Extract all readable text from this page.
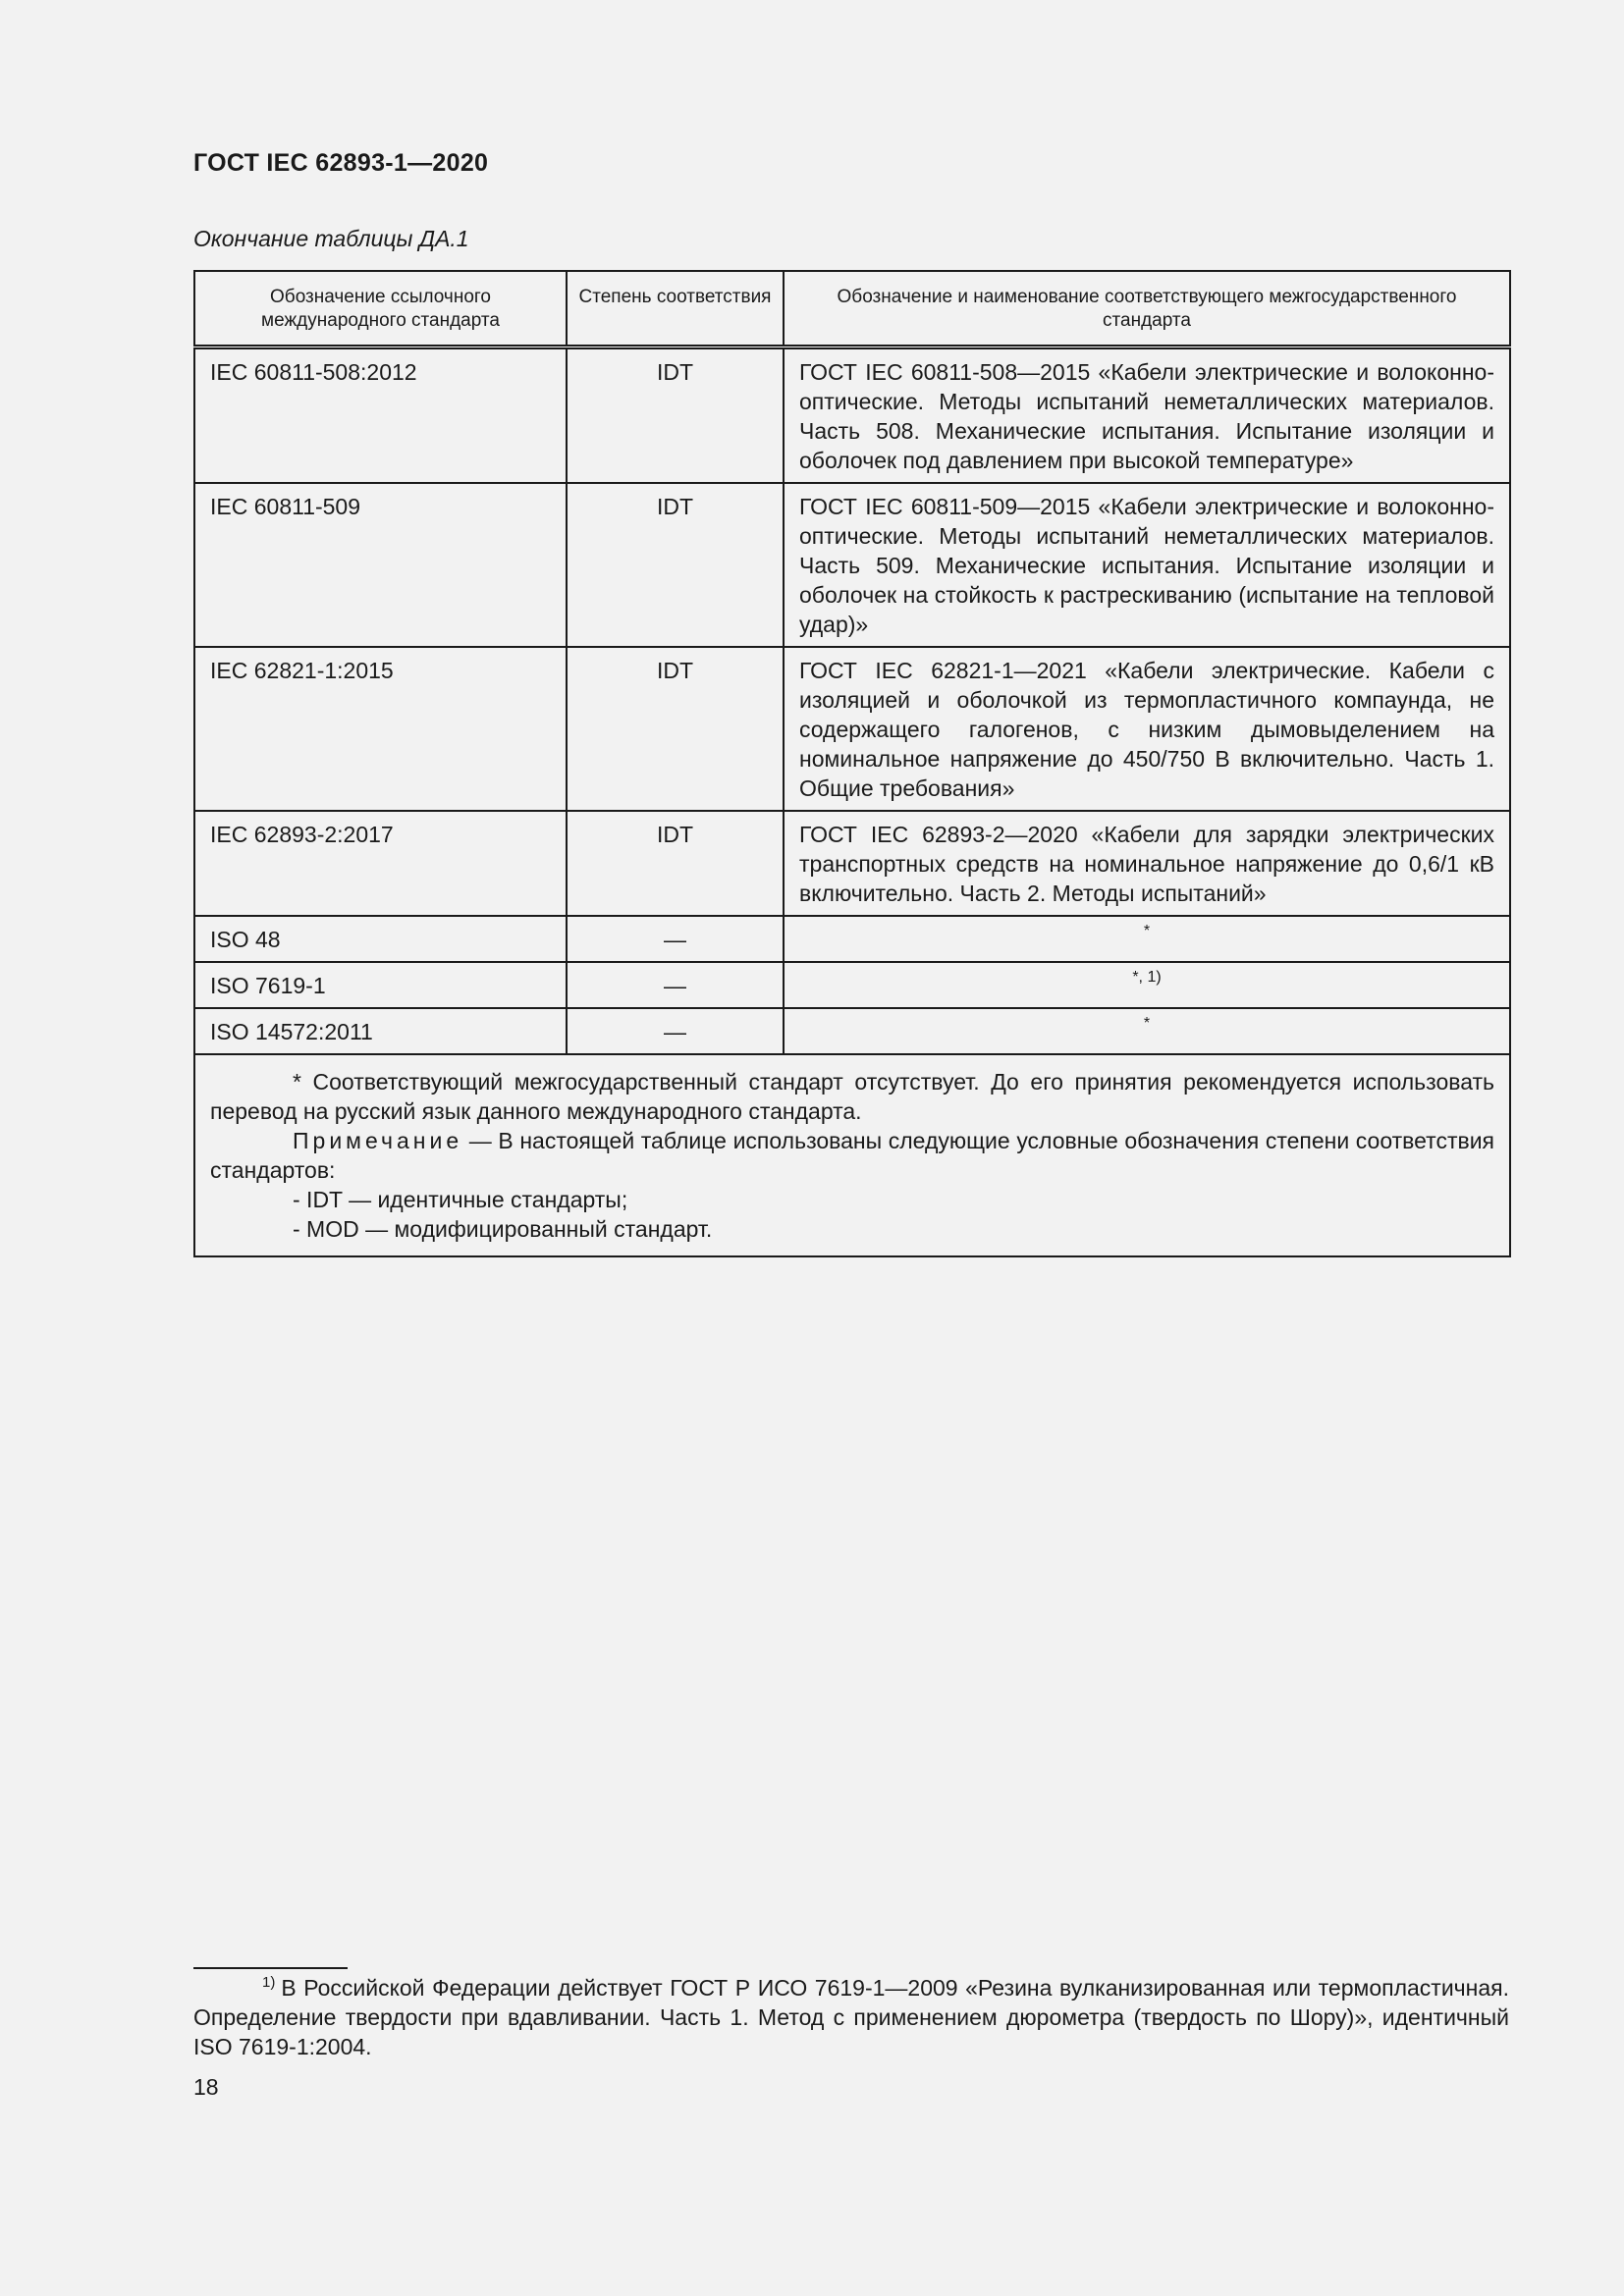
ГОСТ IEC 62893-1—2020
Окончание таблицы ДА.1
Обозначение ссылочного международного стандарта	Степень соответствия	Обозначение и наименование соответствующего межгосударственного стандарта
IEC 60811-508:2012	IDT	ГОСТ IEC 60811-508—2015 «Кабели электрические и волоконно-оптические. Методы испытаний неметаллических материалов. Часть 508. Механические испытания. Испытание изоляции и оболочек под давлением при высокой температуре»
IEC 60811-509	IDT	ГОСТ IEC 60811-509—2015 «Кабели электрические и волоконно-оптические. Методы испытаний неметаллических материалов. Часть 509. Механические испытания. Испытание изоляции и оболочек на стойкость к растрескиванию (испытание на тепловой удар)»
IEC 62821-1:2015	IDT	ГОСТ IEC 62821-1—2021 «Кабели электрические. Кабели с изоляцией и оболочкой из термопластичного компаунда, не содержащего галогенов, с низким дымовыделением на номинальное напряжение до 450/750 В включительно. Часть 1. Общие требования»
IEC 62893-2:2017	IDT	ГОСТ IEC 62893-2—2020 «Кабели для зарядки электрических транспортных средств на номинальное напряжение до 0,6/1 кВ включительно. Часть 2. Методы испытаний»
ISO 48	—	*
ISO 7619-1	—	*, 1)
ISO 14572:2011	—	*

* Соответствующий межгосударственный стандарт отсутствует. До его принятия рекомендуется использовать перевод на русский язык данного международного стандарта.

Примечание — В настоящей таблице использованы следующие условные обозначения степени соответствия стандартов:

- IDT — идентичные стандарты;

- MOD — модифицированный стандарт.		

$^{1)}$ В Российской Федерации действует ГОСТ Р ИСО 7619-1—2009 «Резина вулканизированная или термопластичная. Определение твердости при вдавливании. Часть 1. Метод с применением дюрометра (твердость по Шору)», идентичный ISO 7619-1:2004.
18
